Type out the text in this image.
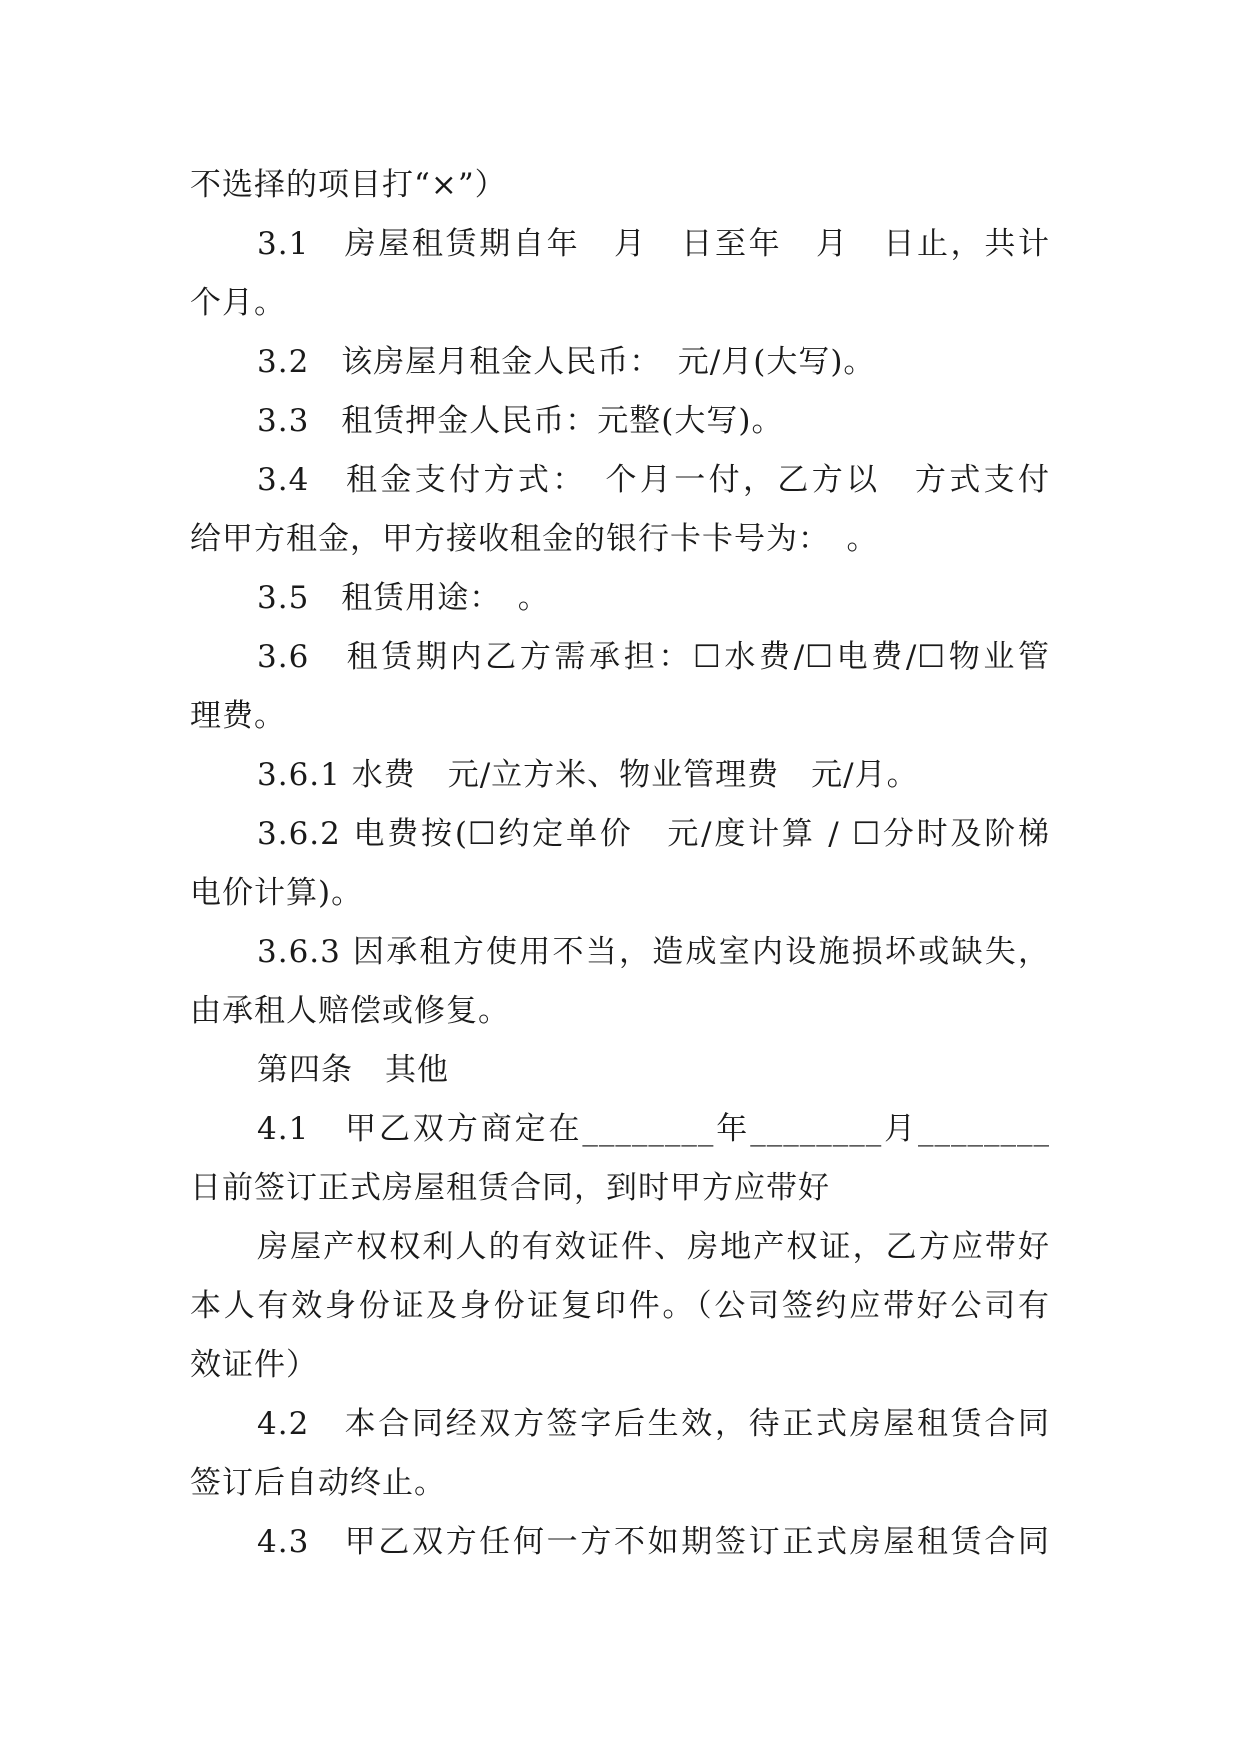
不选择的项目打“×”）
3.1　房屋租赁期自年　月　日至年　月　日止，共计
个月。
3.2　该房屋月租金人民币：　元/月(大写)。
3.3　租赁押金人民币：元整(大写)。
3.4　租金支付方式：　个月一付，乙方以　方式支付
给甲方租金，甲方接收租金的银行卡卡号为：　。
3.5　租赁用途：　。
3.6　租赁期内乙方需承担：☐水费/☐电费/☐物业管
理费。
3.6.1 水费　元/立方米、物业管理费　元/月。
3.6.2 电费按(☐约定单价　元/度计算 / ☐分时及阶梯
电价计算)。
3.6.3 因承租方使用不当，造成室内设施损坏或缺失，
由承租人赔偿或修复。
第四条　其他
4.1　甲乙双方商定在________年________月________
日前签订正式房屋租赁合同，到时甲方应带好
房屋产权权利人的有效证件、房地产权证，乙方应带好
本人有效身份证及身份证复印件。（公司签约应带好公司有
效证件）
4.2　本合同经双方签字后生效，待正式房屋租赁合同
签订后自动终止。
4.3　甲乙双方任何一方不如期签订正式房屋租赁合同
